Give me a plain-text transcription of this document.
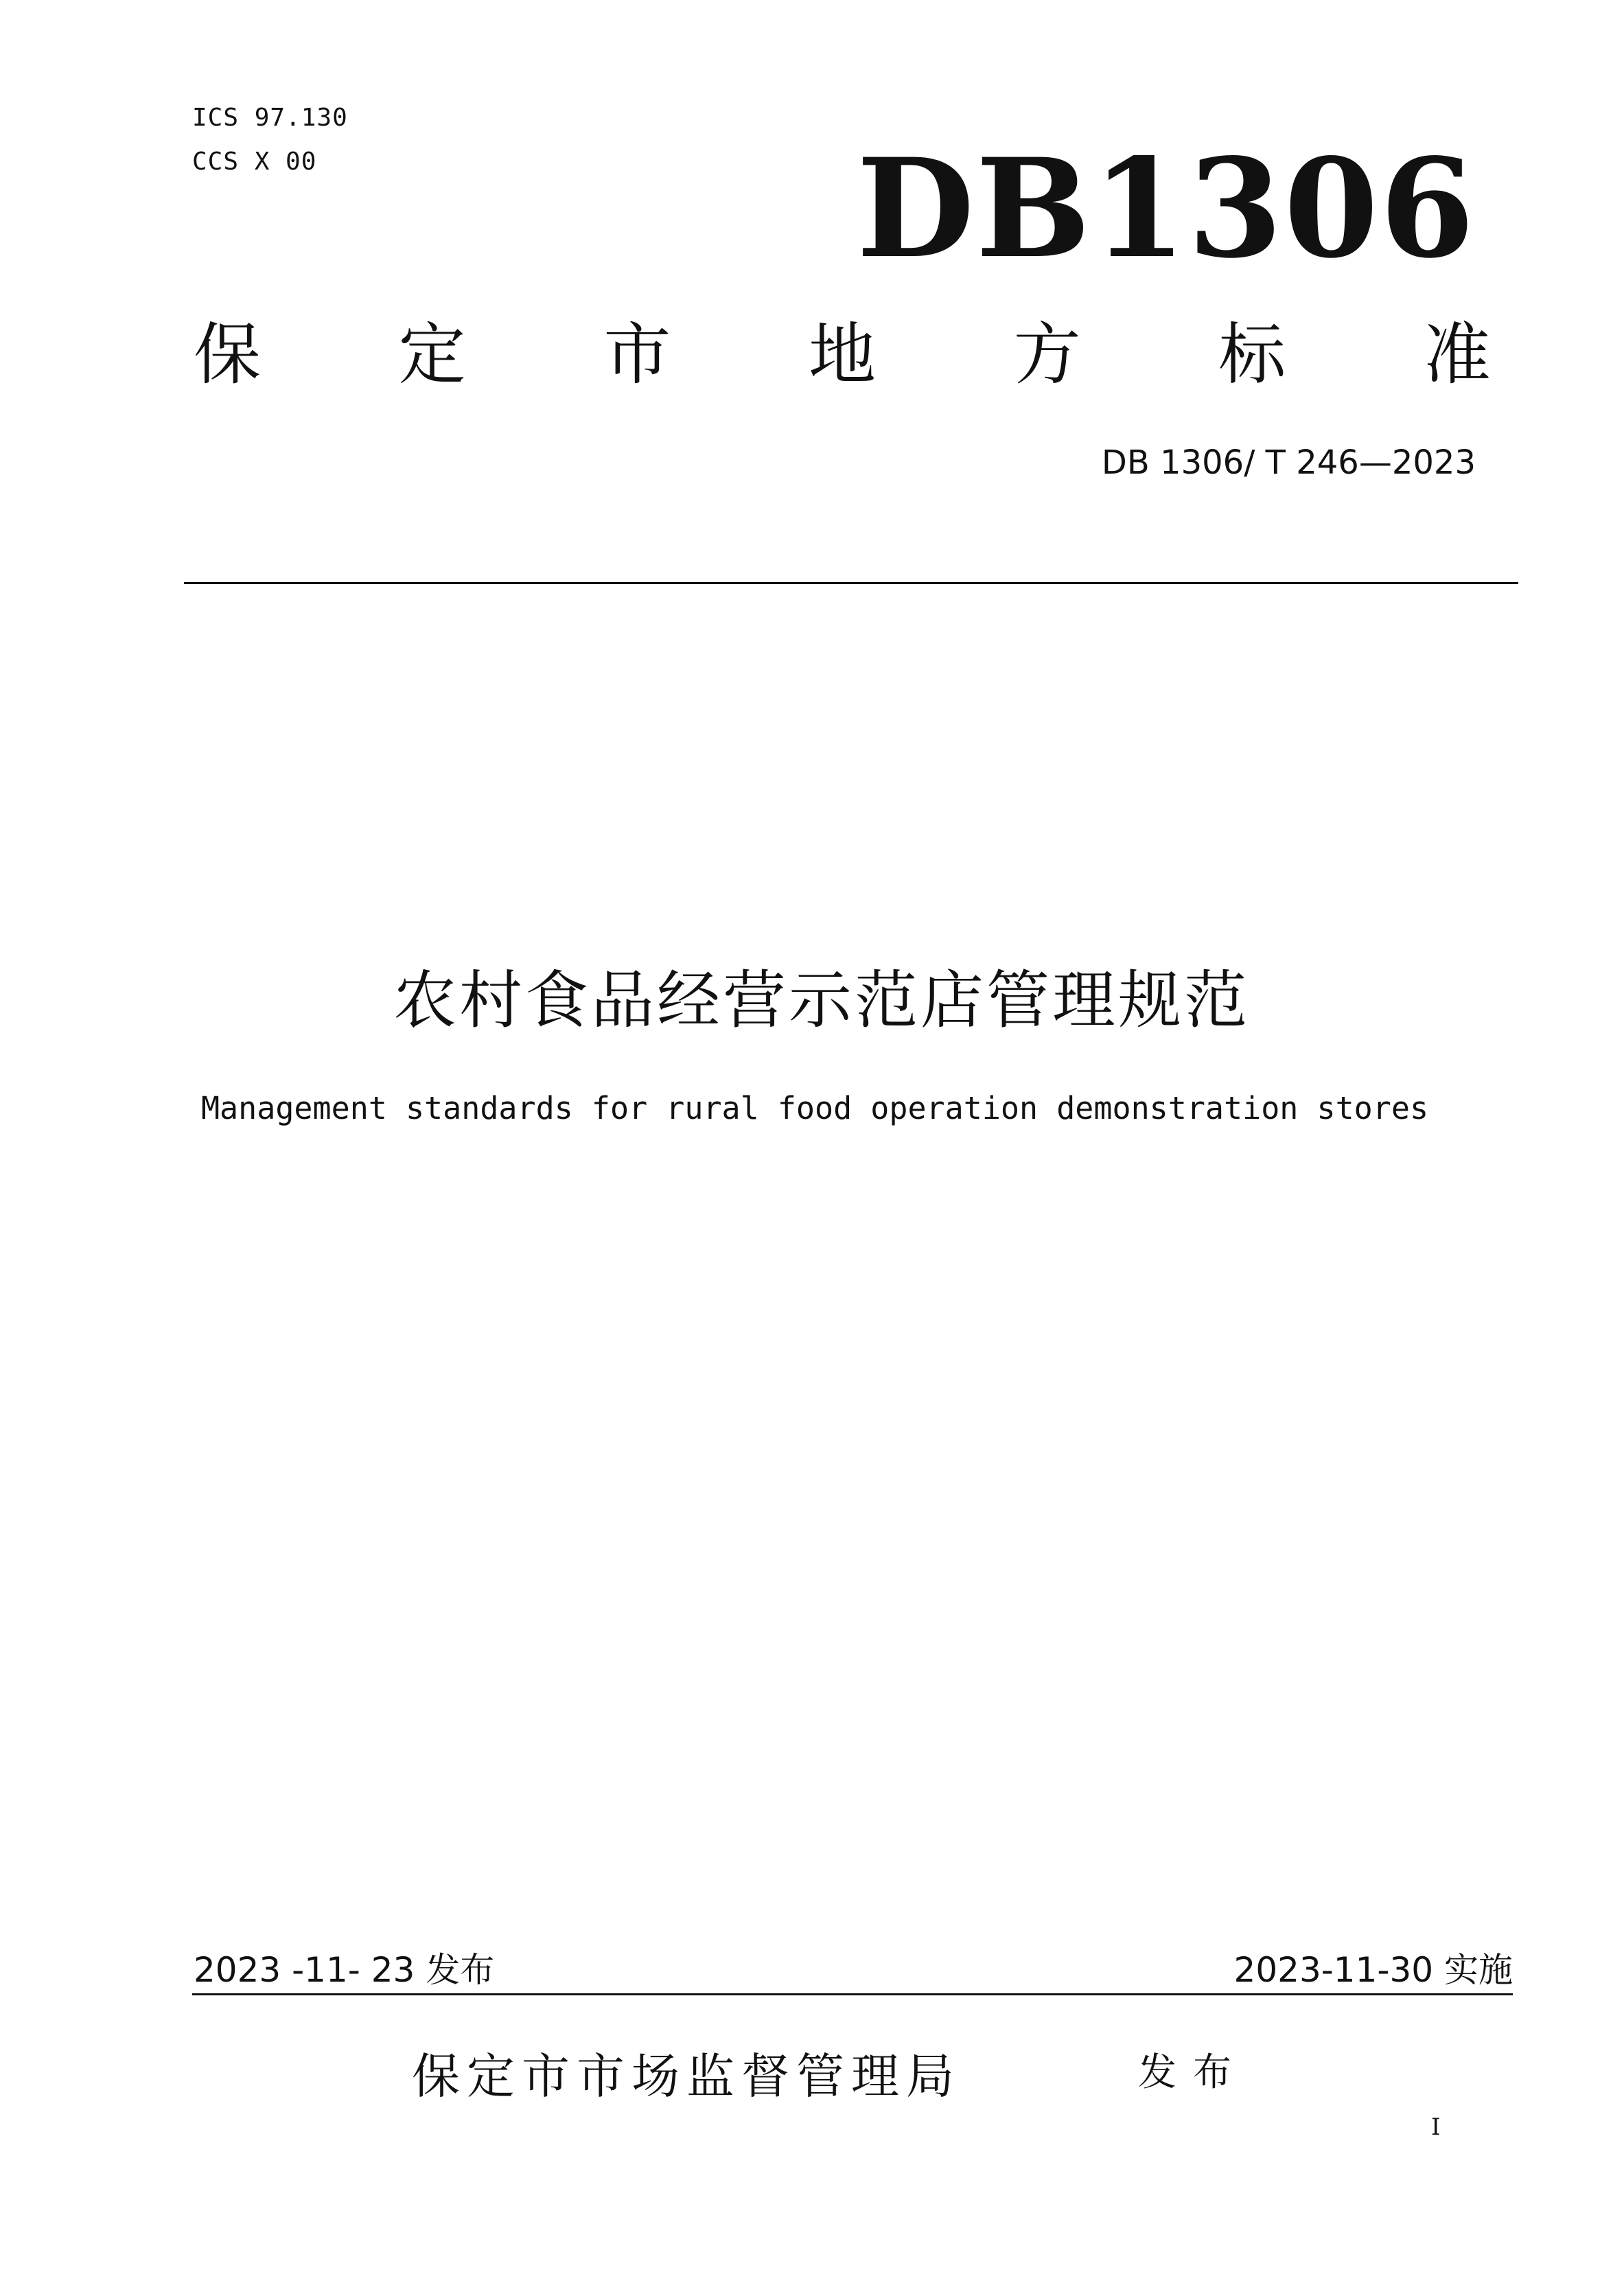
ICS 97.130
CCS X 00	DB1306
保 定 市 地 方 标 准
DB 1306/ T 246—2023
农村食品经营示范店管理规范
Management standards for rural food operation demonstration stores
2023 -11- 23 发布	2023-11-30 实施
保定市市场监督管理局	发布
I
